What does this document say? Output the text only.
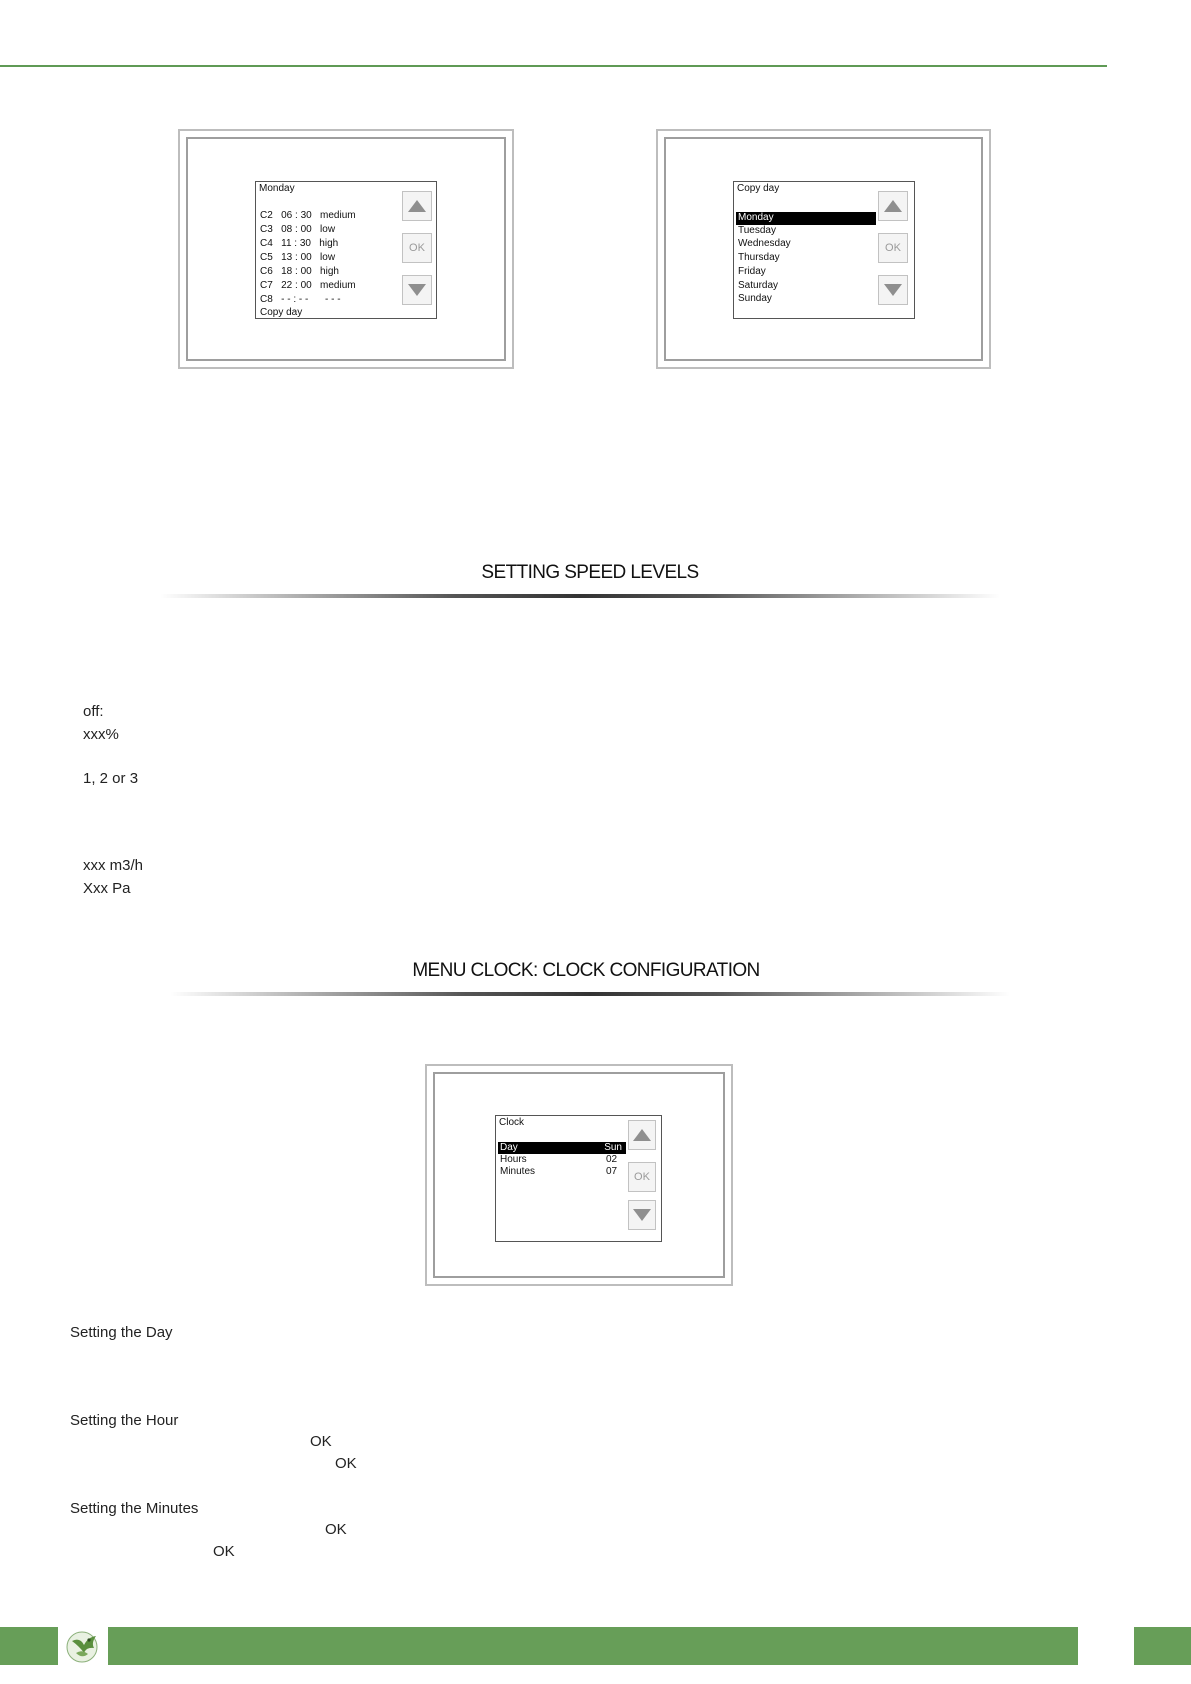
Monday
C2   06 : 30   medium
C3   08 : 00   low
C4   11 : 30   high
C5   13 : 00   low
C6   18 : 00   high
C7   22 : 00   medium
C8   - - : - -      - - -
Copy day
OK
Copy day
Monday
Tuesday
Wednesday
Thursday
Friday
Saturday
Sunday
OK
SETTING SPEED LEVELS
off:
xxx%
1, 2 or 3
xxx m3/h
Xxx Pa
MENU CLOCK: CLOCK CONFIGURATION
Clock
Day	Sun
Hours	02
Minutes	07	OK
Setting the Day
Setting the Hour
OK
OK
Setting the Minutes
OK
OK
